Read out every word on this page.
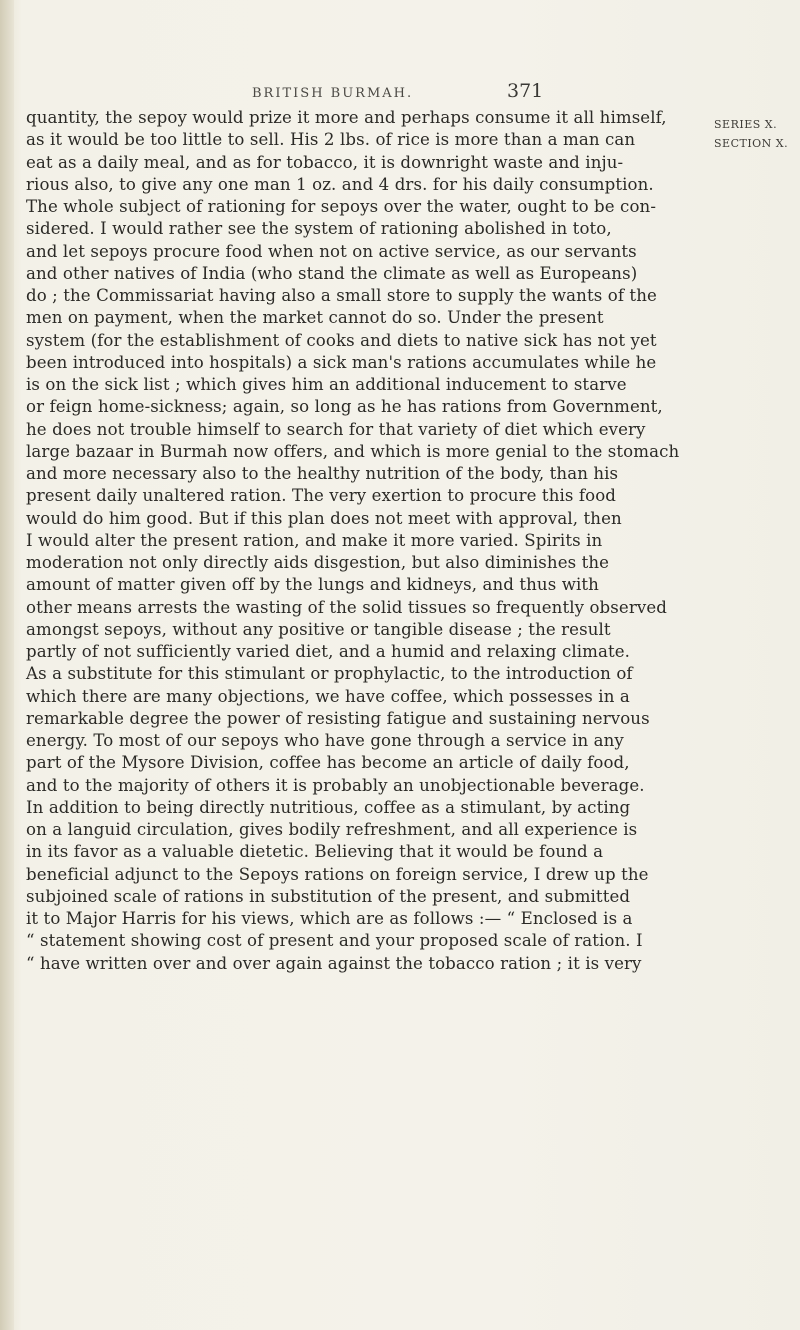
BRITISH BURMAH.	371
SERIES X.
SECTION X.
quantity, the sepoy would prize it more and perhaps consume it all himself,
as it would be too little to sell. His 2 lbs. of rice is more than a man can
eat as a daily meal, and as for tobacco, it is downright waste and inju-
rious also, to give any one man 1 oz. and 4 drs. for his daily consumption.
The whole subject of rationing for sepoys over the water, ought to be con-
sidered. I would rather see the system of rationing abolished in toto,
and let sepoys procure food when not on active service, as our servants
and other natives of India (who stand the climate as well as Europeans)
do ; the Commissariat having also a small store to supply the wants of the
men on payment, when the market cannot do so. Under the present
system (for the establishment of cooks and diets to native sick has not yet
been introduced into hospitals) a sick man's rations accumulates while he
is on the sick list ; which gives him an additional inducement to starve
or feign home-sickness; again, so long as he has rations from Government,
he does not trouble himself to search for that variety of diet which every
large bazaar in Burmah now offers, and which is more genial to the stomach
and more necessary also to the healthy nutrition of the body, than his
present daily unaltered ration. The very exertion to procure this food
would do him good. But if this plan does not meet with approval, then
I would alter the present ration, and make it more varied. Spirits in
moderation not only directly aids disgestion, but also diminishes the
amount of matter given off by the lungs and kidneys, and thus with
other means arrests the wasting of the solid tissues so frequently observed
amongst sepoys, without any positive or tangible disease ; the result
partly of not sufficiently varied diet, and a humid and relaxing climate.
As a substitute for this stimulant or prophylactic, to the introduction of
which there are many objections, we have coffee, which possesses in a
remarkable degree the power of resisting fatigue and sustaining nervous
energy. To most of our sepoys who have gone through a service in any
part of the Mysore Division, coffee has become an article of daily food,
and to the majority of others it is probably an unobjectionable beverage.
In addition to being directly nutritious, coffee as a stimulant, by acting
on a languid circulation, gives bodily refreshment, and all experience is
in its favor as a valuable dietetic. Believing that it would be found a
beneficial adjunct to the Sepoys rations on foreign service, I drew up the
subjoined scale of rations in substitution of the present, and submitted
it to Major Harris for his views, which are as follows :— “ Enclosed is a
“ statement showing cost of present and your proposed scale of ration. I
“ have written over and over again against the tobacco ration ; it is very
